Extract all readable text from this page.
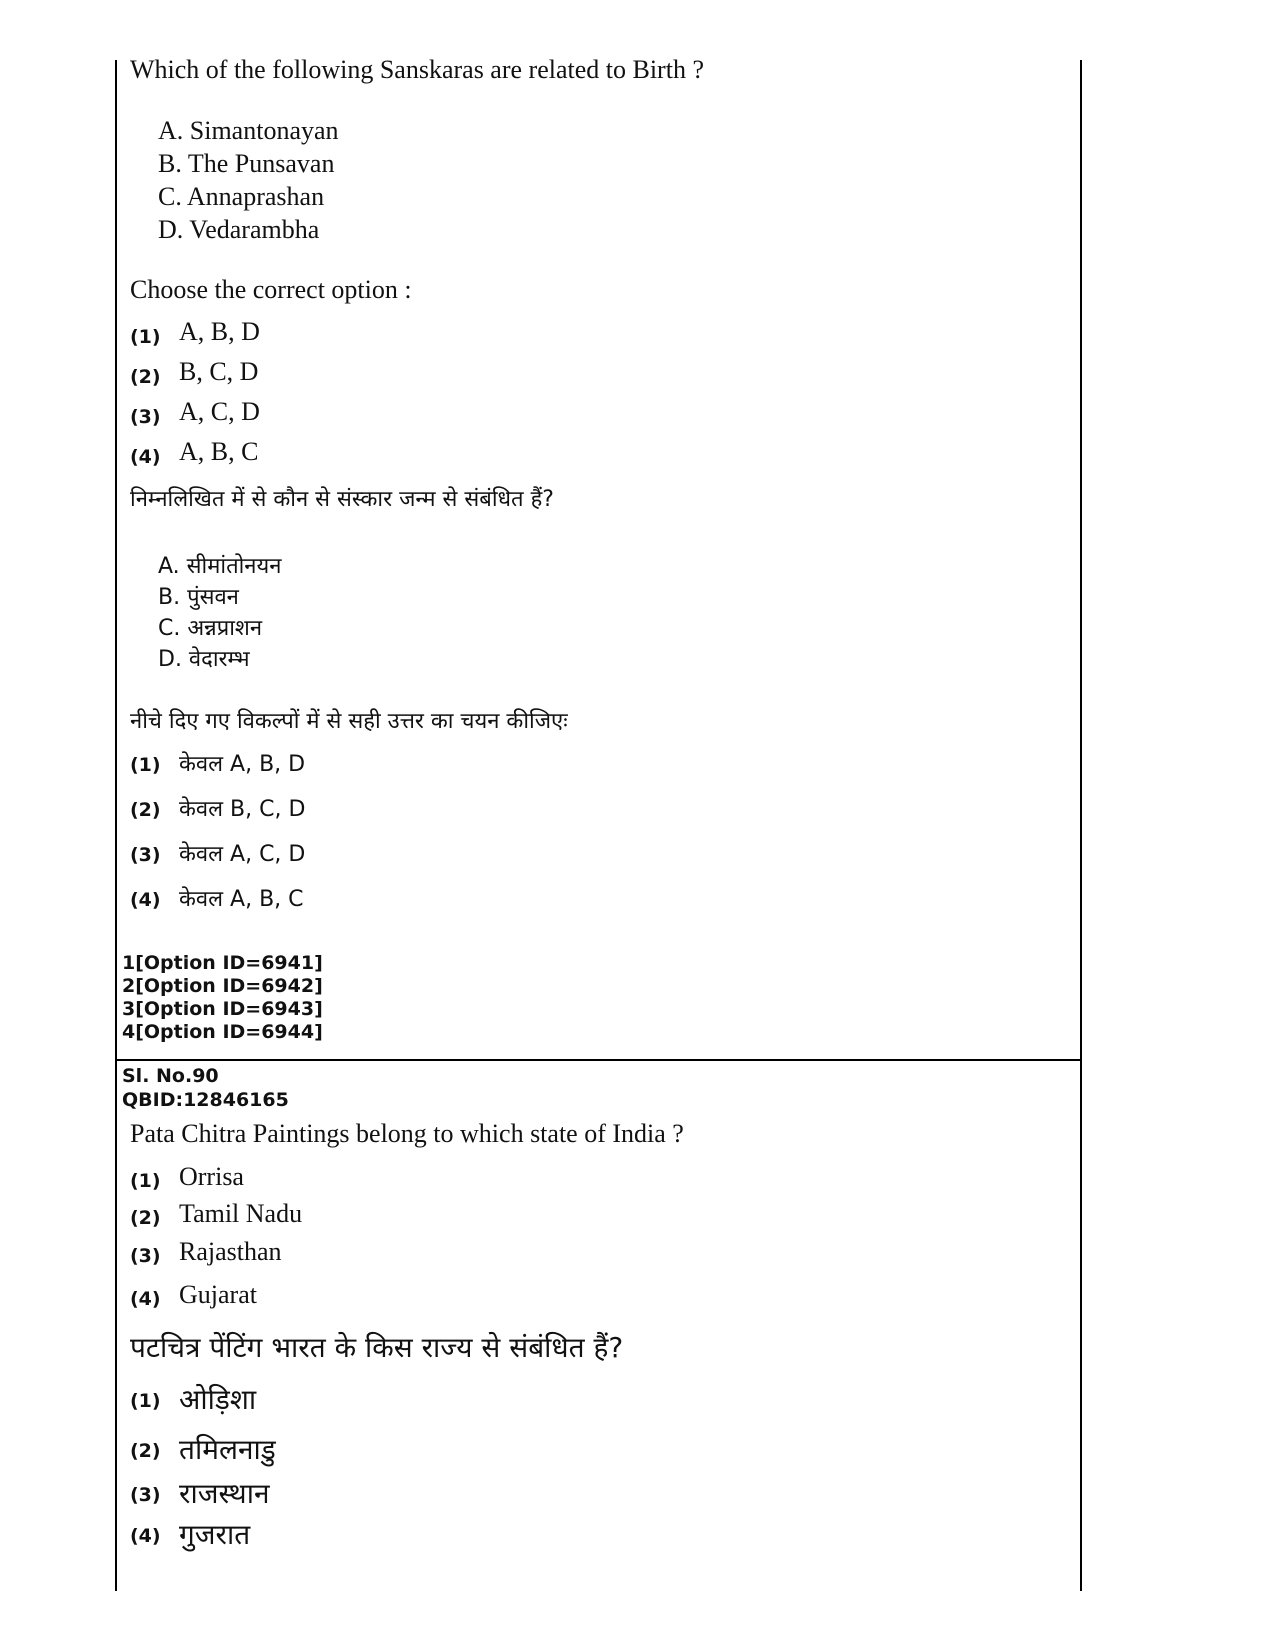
Which of the following Sanskaras are related to Birth ?
A. Simantonayan
B. The Punsavan
C. Annaprashan
D. Vedarambha
Choose the correct option :
(1) A, B, D
(2) B, C, D
(3) A, C, D
(4) A, B, C
निम्नलिखित में से कौन से संस्कार जन्म से संबंधित हैं?
A. सीमांतोनयन
B. पुंसवन
C. अन्नप्राशन
D. वेदारम्भ
नीचे दिए गए विकल्पों में से सही उत्तर का चयन कीजिएः
(1) केवल A, B, D
(2) केवल B, C, D
(3) केवल A, C, D
(4) केवल A, B, C
1[Option ID=6941]
2[Option ID=6942]
3[Option ID=6943]
4[Option ID=6944]
Sl. No.90
QBID:12846165
Pata Chitra Paintings belong to which state of India ?
(1) Orrisa
(2) Tamil Nadu
(3) Rajasthan
(4) Gujarat
पटचित्र पेंटिंग भारत के किस राज्य से संबंधित हैं?
(1) ओड़िशा
(2) तमिलनाडु
(3) राजस्थान
(4) गुजरात
